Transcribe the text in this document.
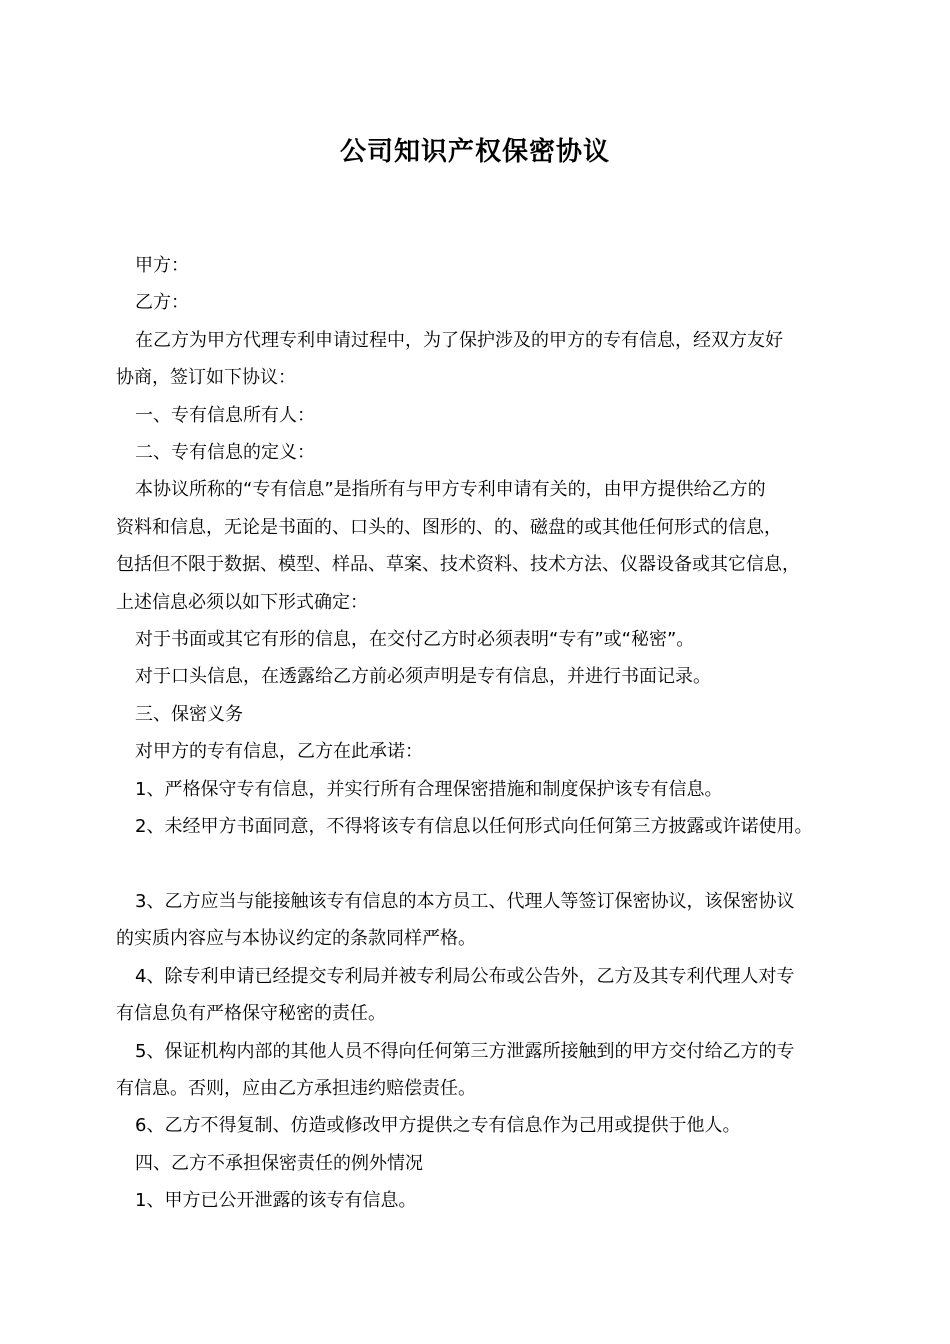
公司知识产权保密协议

甲方：

乙方：

在乙方为甲方代理专利申请过程中，为了保护涉及的甲方的专有信息，经双方友好

协商，签订如下协议：

一、专有信息所有人：

二、专有信息的定义：

本协议所称的“专有信息”是指所有与甲方专利申请有关的，由甲方提供给乙方的

资料和信息，无论是书面的、口头的、图形的、的、磁盘的或其他任何形式的信息，

包括但不限于数据、模型、样品、草案、技术资料、技术方法、仪器设备或其它信息，

上述信息必须以如下形式确定：

对于书面或其它有形的信息，在交付乙方时必须表明“专有”或“秘密”。

对于口头信息，在透露给乙方前必须声明是专有信息，并进行书面记录。

三、保密义务

对甲方的专有信息，乙方在此承诺：

1、严格保守专有信息，并实行所有合理保密措施和制度保护该专有信息。

2、未经甲方书面同意，不得将该专有信息以任何形式向任何第三方披露或许诺使用。

3、乙方应当与能接触该专有信息的本方员工、代理人等签订保密协议，该保密协议

的实质内容应与本协议约定的条款同样严格。

4、除专利申请已经提交专利局并被专利局公布或公告外，乙方及其专利代理人对专

有信息负有严格保守秘密的责任。

5、保证机构内部的其他人员不得向任何第三方泄露所接触到的甲方交付给乙方的专

有信息。否则，应由乙方承担违约赔偿责任。

6、乙方不得复制、仿造或修改甲方提供之专有信息作为己用或提供于他人。

四、乙方不承担保密责任的例外情况

1、甲方已公开泄露的该专有信息。
